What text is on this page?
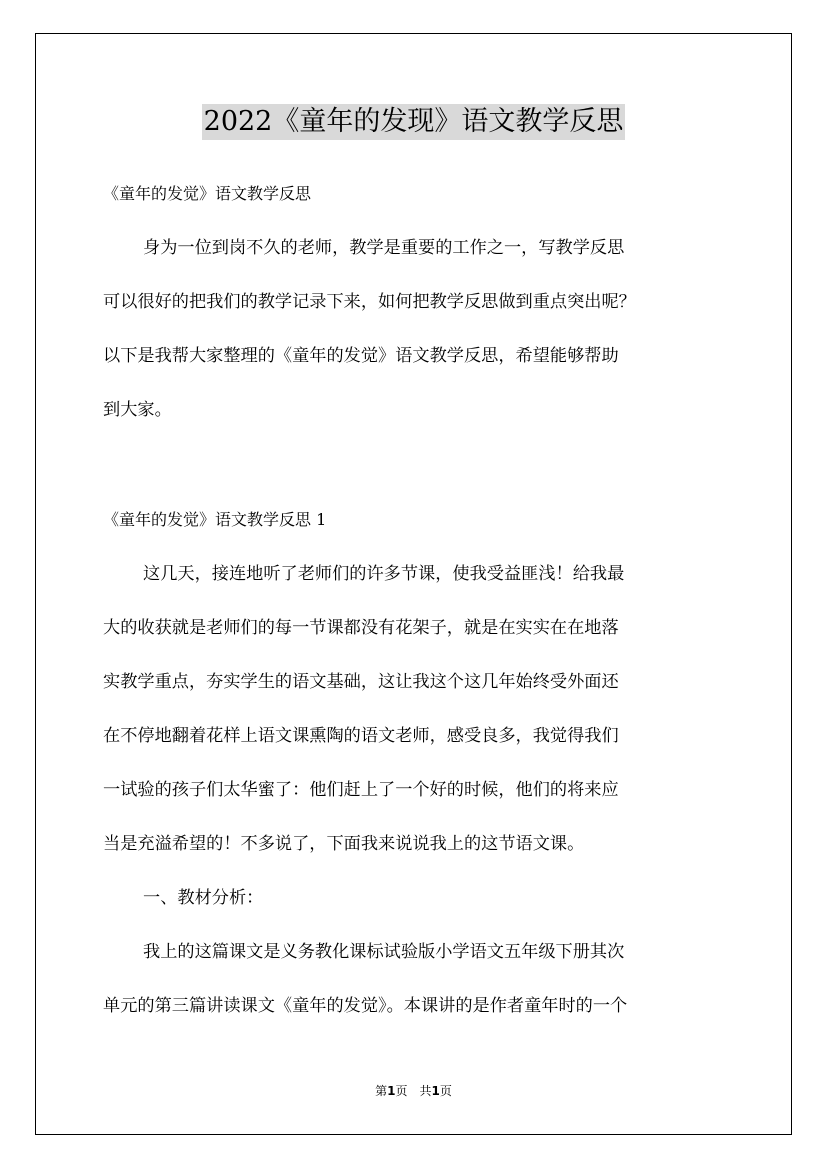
2022《童年的发现》语文教学反思
《童年的发觉》语文教学反思
身为一位到岗不久的老师，教学是重要的工作之一，写教学反思
可以很好的把我们的教学记录下来，如何把教学反思做到重点突出呢？
以下是我帮大家整理的《童年的发觉》语文教学反思，希望能够帮助
到大家。
《童年的发觉》语文教学反思 1
这几天，接连地听了老师们的许多节课，使我受益匪浅！给我最
大的收获就是老师们的每一节课都没有花架子，就是在实实在在地落
实教学重点，夯实学生的语文基础，这让我这个这几年始终受外面还
在不停地翻着花样上语文课熏陶的语文老师，感受良多，我觉得我们
一试验的孩子们太华蜜了：他们赶上了一个好的时候，他们的将来应
当是充溢希望的！不多说了，下面我来说说我上的这节语文课。
一、教材分析：
我上的这篇课文是义务教化课标试验版小学语文五年级下册其次
单元的第三篇讲读课文《童年的发觉》。本课讲的是作者童年时的一个
第1页　共1页
